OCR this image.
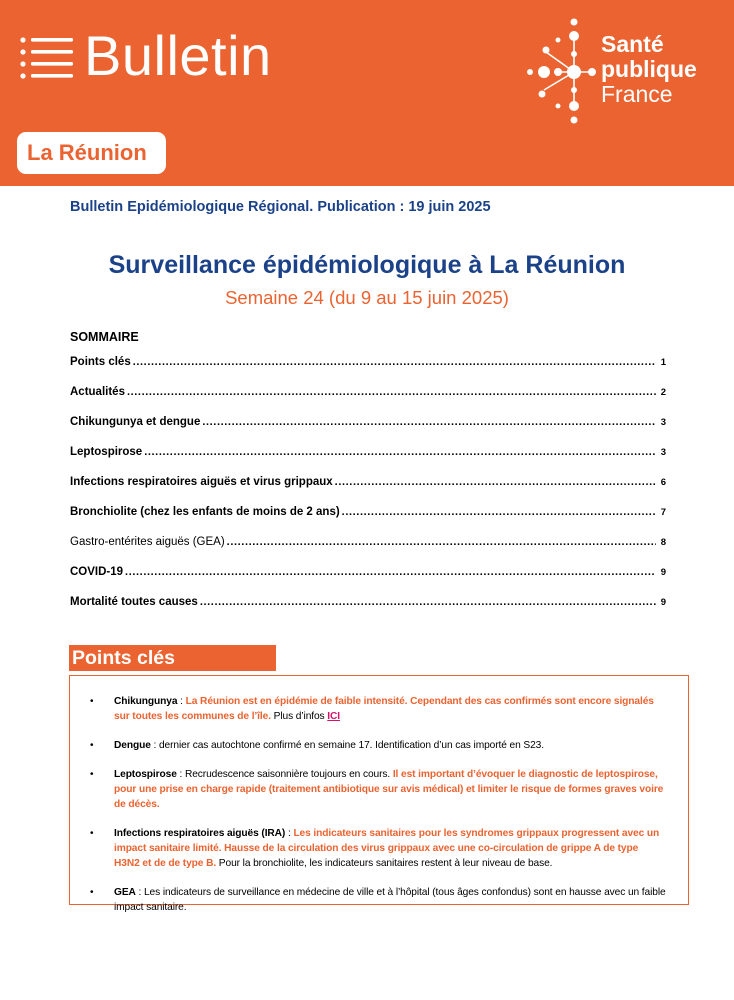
Bulletin	Santé
publique
France
La Réunion
Bulletin Epidémiologique Régional. Publication : 19 juin 2025
Surveillance épidémiologique à La Réunion
Semaine 24 (du 9 au 15 juin 2025)
SOMMAIRE
Points clés .....	1
Actualités .....	2
Chikungunya et dengue .....	3
Leptospirose .....	3
Infections respiratoires aiguës et virus grippaux .....	6
Bronchiolite (chez les enfants de moins de 2 ans) .....	7
Gastro-entérites aiguës (GEA) .....	8
COVID-19 .....	9
Mortalité toutes causes .....	9
Points clés
• Chikungunya : La Réunion est en épidémie de faible intensité. Cependant des cas confirmés sont encore signalés sur toutes les communes de l’île. Plus d’infos ICI
• Dengue : dernier cas autochtone confirmé en semaine 17. Identification d’un cas importé en S23.
• Leptospirose : Recrudescence saisonnière toujours en cours. Il est important d’évoquer le diagnostic de leptospirose, pour une prise en charge rapide (traitement antibiotique sur avis médical) et limiter le risque de formes graves voire de décès.
• Infections respiratoires aiguës (IRA) : Les indicateurs sanitaires pour les syndromes grippaux progressent avec un impact sanitaire limité. Hausse de la circulation des virus grippaux avec une co-circulation de grippe A de type H3N2 et de de type B. Pour la bronchiolite, les indicateurs sanitaires restent à leur niveau de base.
• GEA : Les indicateurs de surveillance en médecine de ville et à l’hôpital (tous âges confondus) sont en hausse avec un faible impact sanitaire.
